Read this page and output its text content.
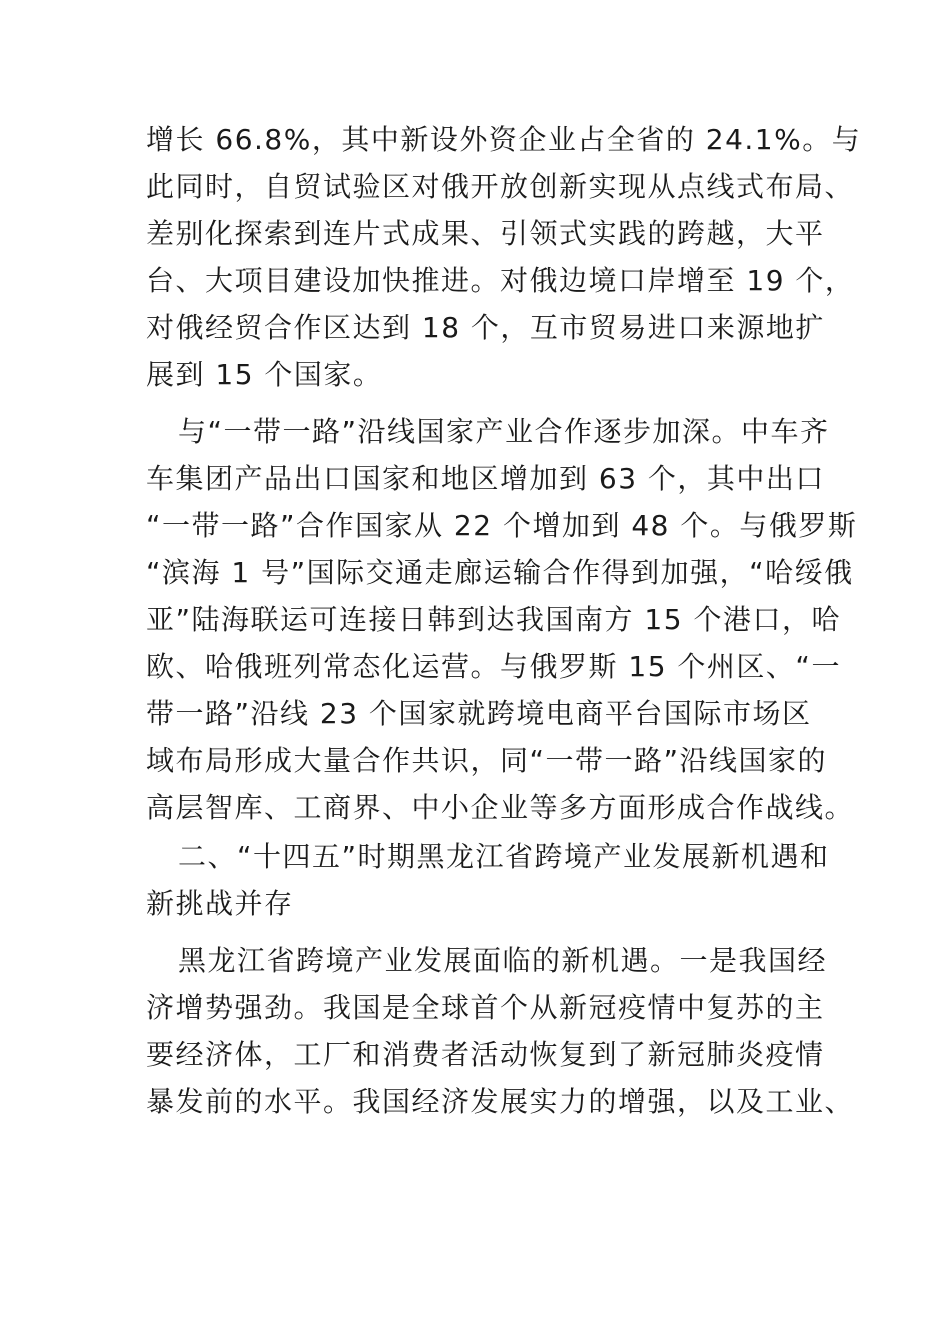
增长 66.8%，其中新设外资企业占全省的 24.1%。与
此同时，自贸试验区对俄开放创新实现从点线式布局、
差别化探索到连片式成果、引领式实践的跨越，大平
台、大项目建设加快推进。对俄边境口岸增至 19 个，
对俄经贸合作区达到 18 个，互市贸易进口来源地扩
展到 15 个国家。
与“一带一路”沿线国家产业合作逐步加深。中车齐
车集团产品出口国家和地区增加到 63 个，其中出口
“一带一路”合作国家从 22 个增加到 48 个。与俄罗斯
“滨海 1 号”国际交通走廊运输合作得到加强，“哈绥俄
亚”陆海联运可连接日韩到达我国南方 15 个港口，哈
欧、哈俄班列常态化运营。与俄罗斯 15 个州区、“一
带一路”沿线 23 个国家就跨境电商平台国际市场区
域布局形成大量合作共识，同“一带一路”沿线国家的
高层智库、工商界、中小企业等多方面形成合作战线。
二、“十四五”时期黑龙江省跨境产业发展新机遇和
新挑战并存
黑龙江省跨境产业发展面临的新机遇。一是我国经
济增势强劲。我国是全球首个从新冠疫情中复苏的主
要经济体，工厂和消费者活动恢复到了新冠肺炎疫情
暴发前的水平。我国经济发展实力的增强，以及工业、
